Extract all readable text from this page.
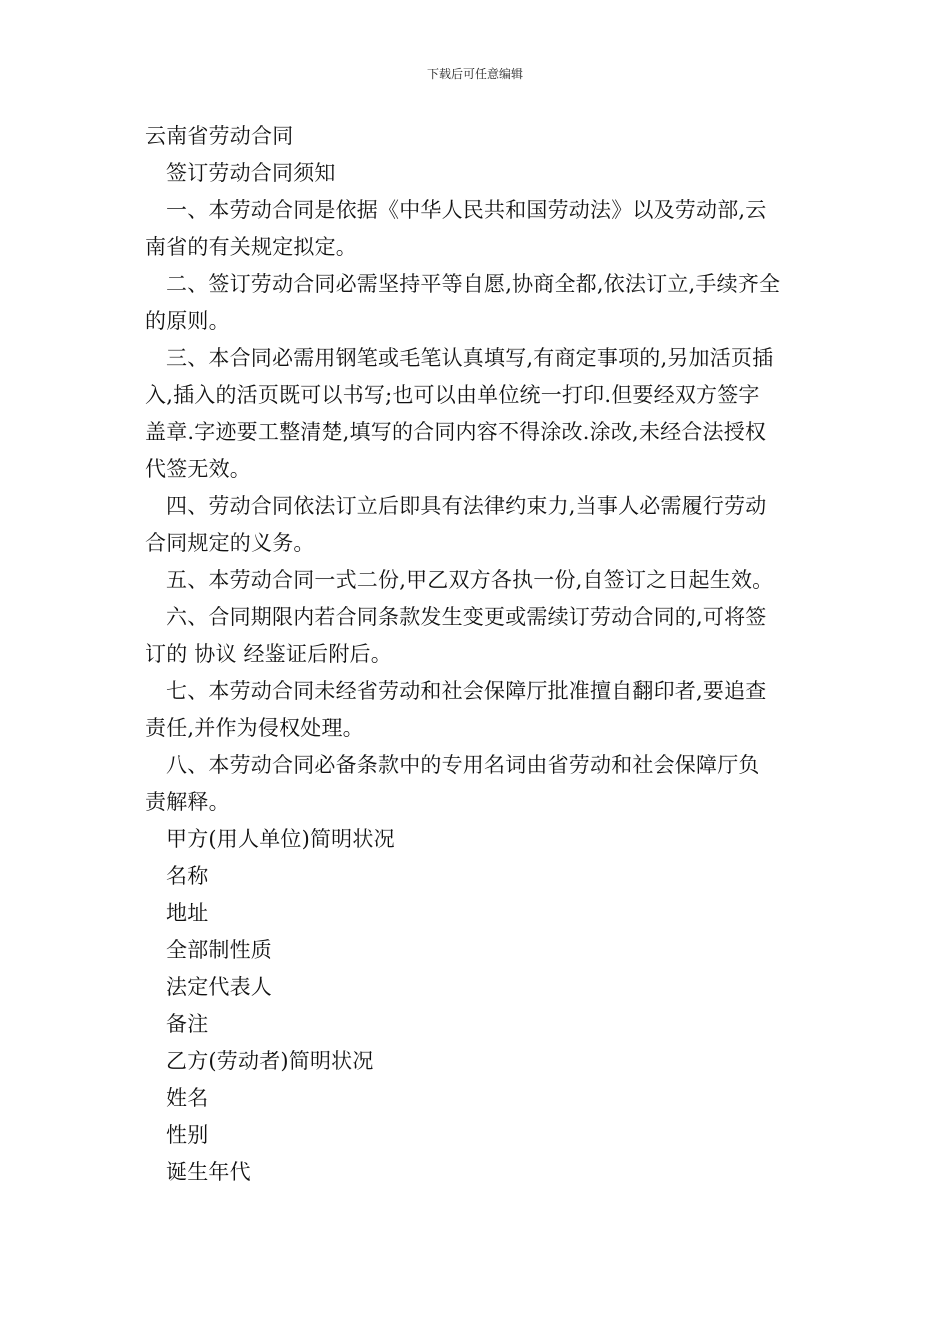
下载后可任意编辑
云南省劳动合同
签订劳动合同须知
一、本劳动合同是依据《中华人民共和国劳动法》以及劳动部,云
南省的有关规定拟定。
二、签订劳动合同必需坚持平等自愿,协商全都,依法订立,手续齐全
的原则。
三、本合同必需用钢笔或毛笔认真填写,有商定事项的,另加活页插
入,插入的活页既可以书写;也可以由单位统一打印.但要经双方签字
盖章.字迹要工整清楚,填写的合同内容不得涂改.涂改,未经合法授权
代签无效。
四、劳动合同依法订立后即具有法律约束力,当事人必需履行劳动
合同规定的义务。
五、本劳动合同一式二份,甲乙双方各执一份,自签订之日起生效。
六、合同期限内若合同条款发生变更或需续订劳动合同的,可将签
订的 协议 经鉴证后附后。
七、本劳动合同未经省劳动和社会保障厅批准擅自翻印者,要追查
责任,并作为侵权处理。
八、本劳动合同必备条款中的专用名词由省劳动和社会保障厅负
责解释。
甲方(用人单位)简明状况
名称
地址
全部制性质
法定代表人
备注
乙方(劳动者)简明状况
姓名
性别
诞生年代
